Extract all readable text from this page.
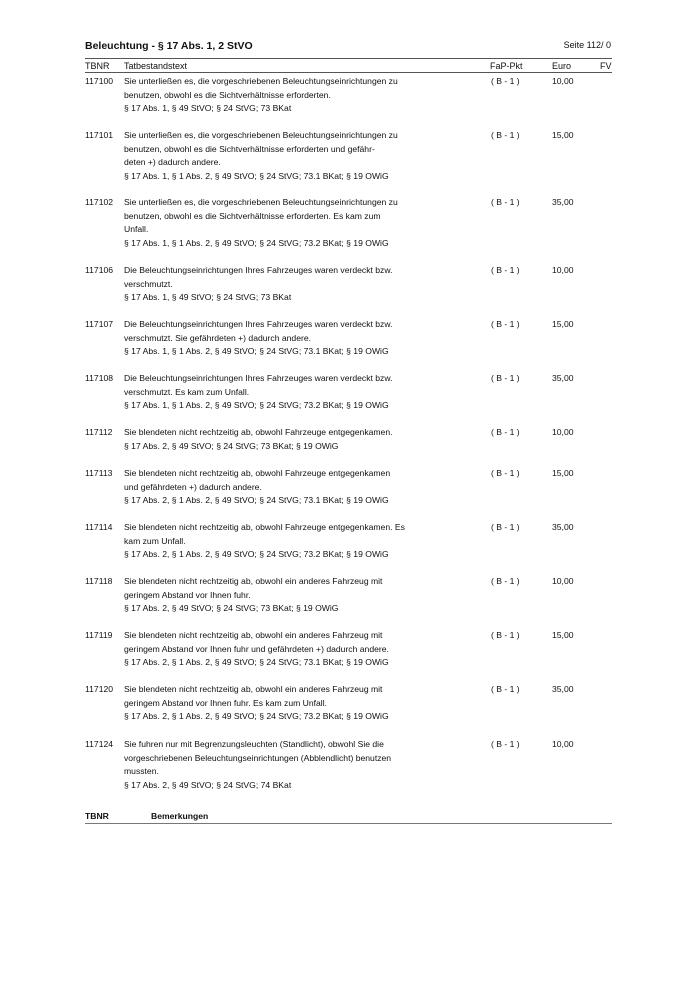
Beleuchtung - § 17 Abs. 1, 2 StVO	Seite 112/ 0
TBNR Tatbestandstext	FaP-Pkt	Euro	FV
117100 Sie unterließen es, die vorgeschriebenen Beleuchtungseinrichtungen zu
benutzen, obwohl es die Sichtverhältnisse erforderten.
§ 17 Abs. 1, § 49 StVO; § 24 StVG; 73 BKat
( B - 1 )	10,00
117101 Sie unterließen es, die vorgeschriebenen Beleuchtungseinrichtungen zu
benutzen, obwohl es die Sichtverhältnisse erforderten und gefähr-
deten +) dadurch andere.
§ 17 Abs. 1, § 1 Abs. 2, § 49 StVO; § 24 StVG; 73.1 BKat; § 19 OWiG
( B - 1 )	15,00
117102 Sie unterließen es, die vorgeschriebenen Beleuchtungseinrichtungen zu
benutzen, obwohl es die Sichtverhältnisse erforderten. Es kam zum
Unfall.
§ 17 Abs. 1, § 1 Abs. 2, § 49 StVO; § 24 StVG; 73.2 BKat; § 19 OWiG
( B - 1 )	35,00
117106 Die Beleuchtungseinrichtungen Ihres Fahrzeuges waren verdeckt bzw.
verschmutzt.
§ 17 Abs. 1, § 49 StVO; § 24 StVG; 73 BKat
( B - 1 )	10,00
117107 Die Beleuchtungseinrichtungen Ihres Fahrzeuges waren verdeckt bzw.
verschmutzt. Sie gefährdeten +) dadurch andere.
§ 17 Abs. 1, § 1 Abs. 2, § 49 StVO; § 24 StVG; 73.1 BKat; § 19 OWiG
( B - 1 )	15,00
117108 Die Beleuchtungseinrichtungen Ihres Fahrzeuges waren verdeckt bzw.
verschmutzt. Es kam zum Unfall.
§ 17 Abs. 1, § 1 Abs. 2, § 49 StVO; § 24 StVG; 73.2 BKat; § 19 OWiG
( B - 1 )	35,00
117112 Sie blendeten nicht rechtzeitig ab, obwohl Fahrzeuge entgegenkamen.
§ 17 Abs. 2, § 49 StVO; § 24 StVG; 73 BKat; § 19 OWiG
( B - 1 )	10,00
117113 Sie blendeten nicht rechtzeitig ab, obwohl Fahrzeuge entgegenkamen
und gefährdeten +) dadurch andere.
§ 17 Abs. 2, § 1 Abs. 2, § 49 StVO; § 24 StVG; 73.1 BKat; § 19 OWiG
( B - 1 )	15,00
117114 Sie blendeten nicht rechtzeitig ab, obwohl Fahrzeuge entgegenkamen. Es
kam zum Unfall.
§ 17 Abs. 2, § 1 Abs. 2, § 49 StVO; § 24 StVG; 73.2 BKat; § 19 OWiG
( B - 1 )	35,00
117118 Sie blendeten nicht rechtzeitig ab, obwohl ein anderes Fahrzeug mit
geringem Abstand vor Ihnen fuhr.
§ 17 Abs. 2, § 49 StVO; § 24 StVG; 73 BKat; § 19 OWiG
( B - 1 )	10,00
117119 Sie blendeten nicht rechtzeitig ab, obwohl ein anderes Fahrzeug mit
geringem Abstand vor Ihnen fuhr und gefährdeten +) dadurch andere.
§ 17 Abs. 2, § 1 Abs. 2, § 49 StVO; § 24 StVG; 73.1 BKat; § 19 OWiG
( B - 1 )	15,00
117120 Sie blendeten nicht rechtzeitig ab, obwohl ein anderes Fahrzeug mit
geringem Abstand vor Ihnen fuhr. Es kam zum Unfall.
§ 17 Abs. 2, § 1 Abs. 2, § 49 StVO; § 24 StVG; 73.2 BKat; § 19 OWiG
( B - 1 )	35,00
117124 Sie fuhren nur mit Begrenzungsleuchten (Standlicht), obwohl Sie die
vorgeschriebenen Beleuchtungseinrichtungen (Abblendlicht) benutzen
mussten.
§ 17 Abs. 2, § 49 StVO; § 24 StVG; 74 BKat
( B - 1 )	10,00
TBNR	Bemerkungen
